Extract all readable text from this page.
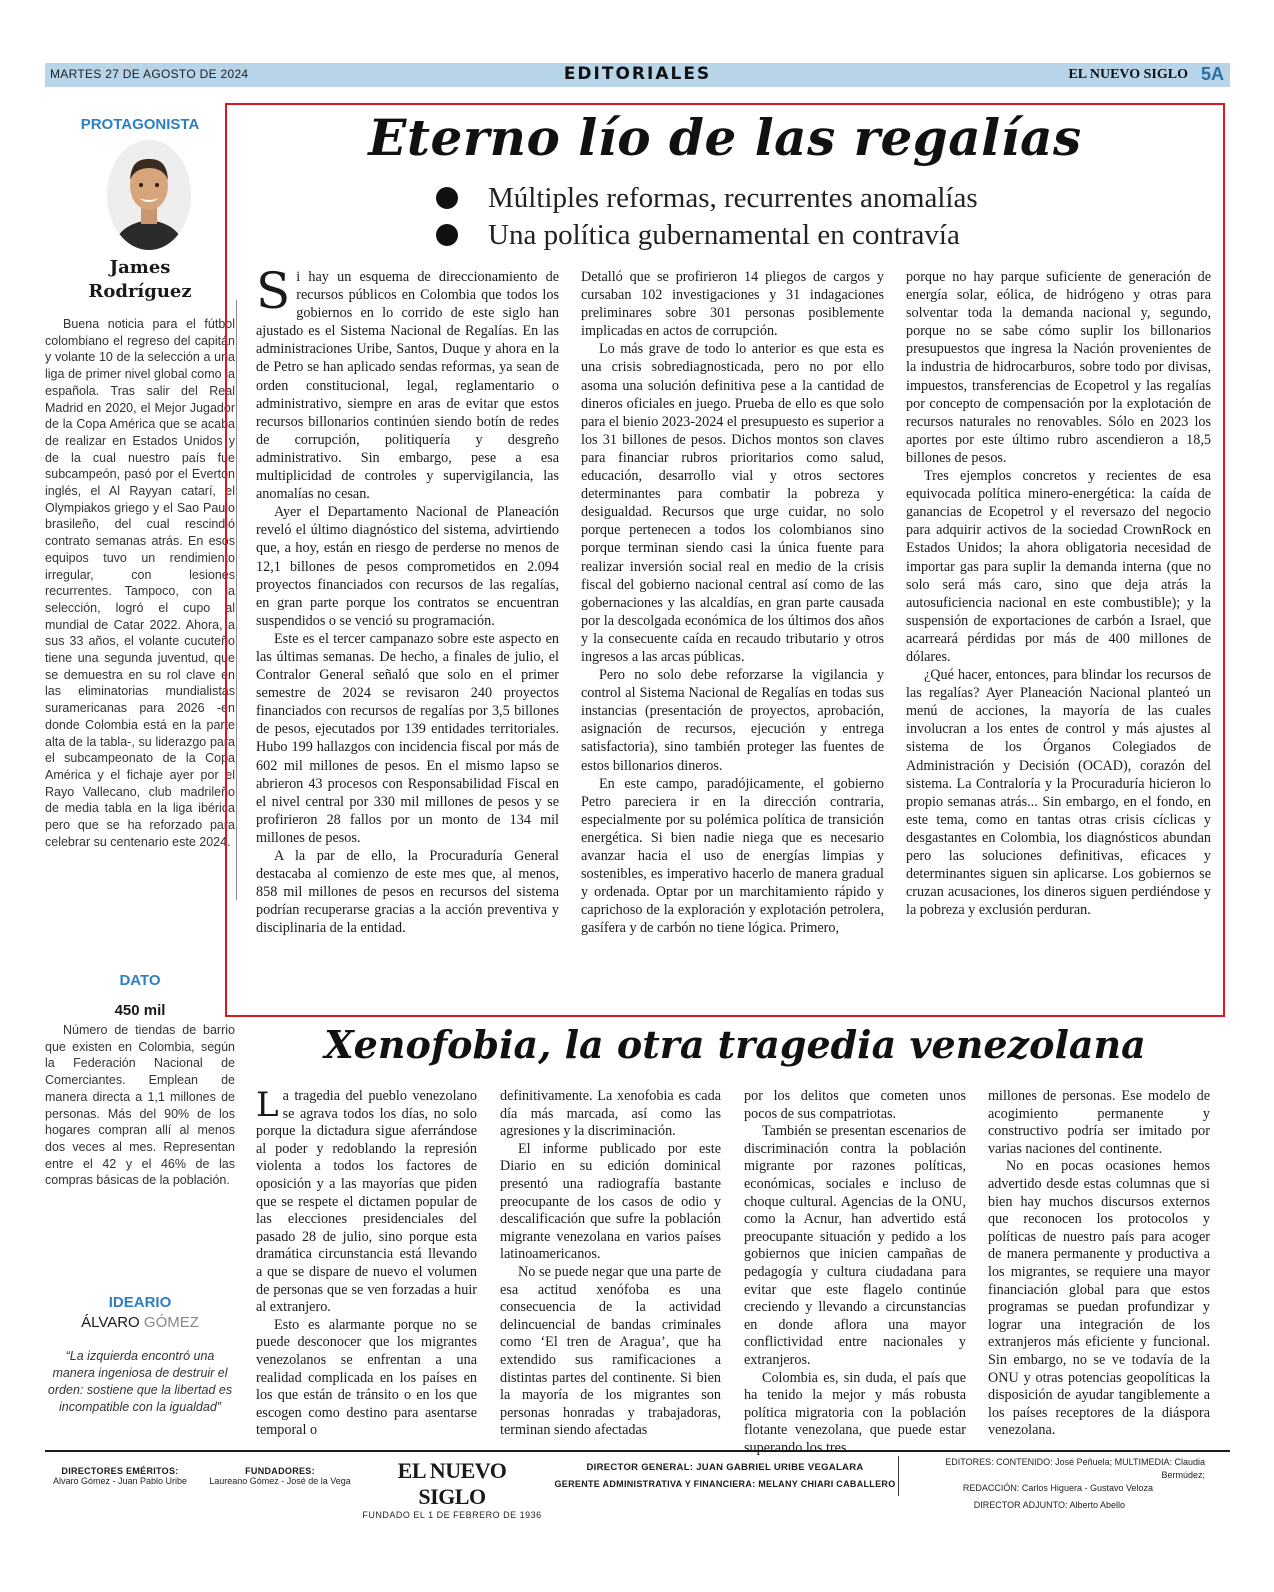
MARTES 27 DE AGOSTO DE 2024	EDITORIALES	EL NUEVO SIGLO 5A
PROTAGONISTA
James
Rodríguez

Buena noticia para el fútbol colombiano el regreso del capitán y volante 10 de la selección a una liga de primer nivel global como la española. Tras salir del Real Madrid en 2020, el Mejor Jugador de la Copa América que se acaba de realizar en Estados Unidos y de la cual nuestro país fue subcampeón, pasó por el Everton inglés, el Al Rayyan catarí, el Olympiakos griego y el Sao Paulo brasileño, del cual rescindió contrato semanas atrás. En esos equipos tuvo un rendimiento irregular, con lesiones recurrentes. Tampoco, con la selección, logró el cupo al mundial de Catar 2022. Ahora, a sus 33 años, el volante cucuteño tiene una segunda juventud, que se demuestra en su rol clave en las eliminatorias mundialistas suramericanas para 2026 -en donde Colombia está en la parte alta de la tabla-, su liderazgo para el subcampeonato de la Copa América y el fichaje ayer por el Rayo Vallecano, club madrileño de media tabla en la liga ibérica pero que se ha reforzado para celebrar su centenario este 2024.

DATO
450 mil

Número de tiendas de barrio que existen en Colombia, según la Federación Nacional de Comerciantes. Emplean de manera directa a 1,1 millones de personas. Más del 90% de los hogares compran allí al menos dos veces al mes. Representan entre el 42 y el 46% de las compras básicas de la población.

IDEARIO
ÁLVARO GÓMEZ
“La izquierda encontró una manera ingeniosa de destruir el orden: sostiene que la libertad es incompatible con la igualdad”
Eterno lío de las regalías
Múltiples reformas, recurrentes anomalías
Una política gubernamental en contravía

Si hay un esquema de direccionamiento de recursos públicos en Colombia que todos los gobiernos en lo corrido de este siglo han ajustado es el Sistema Nacional de Regalías. En las administraciones Uribe, Santos, Duque y ahora en la de Petro se han aplicado sendas reformas, ya sean de orden constitucional, legal, reglamentario o administrativo, siempre en aras de evitar que estos recursos billonarios continúen siendo botín de redes de corrupción, politiquería y desgreño administrativo. Sin embargo, pese a esa multiplicidad de controles y supervigilancia, las anomalías no cesan.

Ayer el Departamento Nacional de Planeación reveló el último diagnóstico del sistema, advirtiendo que, a hoy, están en riesgo de perderse no menos de 12,1 billones de pesos comprometidos en 2.094 proyectos financiados con recursos de las regalías, en gran parte porque los contratos se encuentran suspendidos o se venció su programación.

Este es el tercer campanazo sobre este aspecto en las últimas semanas. De hecho, a finales de julio, el Contralor General señaló que solo en el primer semestre de 2024 se revisaron 240 proyectos financiados con recursos de regalías por 3,5 billones de pesos, ejecutados por 139 entidades territoriales. Hubo 199 hallazgos con incidencia fiscal por más de 602 mil millones de pesos. En el mismo lapso se abrieron 43 procesos con Responsabilidad Fiscal en el nivel central por 330 mil millones de pesos y se profirieron 28 fallos por un monto de 134 mil millones de pesos.

A la par de ello, la Procuraduría General destacaba al comienzo de este mes que, al menos, 858 mil millones de pesos en recursos del sistema podrían recuperarse gracias a la acción preventiva y disciplinaria de la entidad.

Detalló que se profirieron 14 pliegos de cargos y cursaban 102 investigaciones y 31 indagaciones preliminares sobre 301 personas posiblemente implicadas en actos de corrupción.

Lo más grave de todo lo anterior es que esta es una crisis sobrediagnosticada, pero no por ello asoma una solución definitiva pese a la cantidad de dineros oficiales en juego. Prueba de ello es que solo para el bienio 2023-2024 el presupuesto es superior a los 31 billones de pesos. Dichos montos son claves para financiar rubros prioritarios como salud, educación, desarrollo vial y otros sectores determinantes para combatir la pobreza y desigualdad. Recursos que urge cuidar, no solo porque pertenecen a todos los colombianos sino porque terminan siendo casi la única fuente para realizar inversión social real en medio de la crisis fiscal del gobierno nacional central así como de las gobernaciones y las alcaldías, en gran parte causada por la descolgada económica de los últimos dos años y la consecuente caída en recaudo tributario y otros ingresos a las arcas públicas.

Pero no solo debe reforzarse la vigilancia y control al Sistema Nacional de Regalías en todas sus instancias (presentación de proyectos, aprobación, asignación de recursos, ejecución y entrega satisfactoria), sino también proteger las fuentes de estos billonarios dineros.

En este campo, paradójicamente, el gobierno Petro pareciera ir en la dirección contraria, especialmente por su polémica política de transición energética. Si bien nadie niega que es necesario avanzar hacia el uso de energías limpias y sostenibles, es imperativo hacerlo de manera gradual y ordenada. Optar por un marchitamiento rápido y caprichoso de la exploración y explotación petrolera, gasífera y de carbón no tiene lógica. Primero,

porque no hay parque suficiente de generación de energía solar, eólica, de hidrógeno y otras para solventar toda la demanda nacional y, segundo, porque no se sabe cómo suplir los billonarios presupuestos que ingresa la Nación provenientes de la industria de hidrocarburos, sobre todo por divisas, impuestos, transferencias de Ecopetrol y las regalías por concepto de compensación por la explotación de recursos naturales no renovables. Sólo en 2023 los aportes por este último rubro ascendieron a 18,5 billones de pesos.

Tres ejemplos concretos y recientes de esa equivocada política minero-energética: la caída de ganancias de Ecopetrol y el reversazo del negocio para adquirir activos de la sociedad CrownRock en Estados Unidos; la ahora obligatoria necesidad de importar gas para suplir la demanda interna (que no solo será más caro, sino que deja atrás la autosuficiencia nacional en este combustible); y la suspensión de exportaciones de carbón a Israel, que acarreará pérdidas por más de 400 millones de dólares.

¿Qué hacer, entonces, para blindar los recursos de las regalías? Ayer Planeación Nacional planteó un menú de acciones, la mayoría de las cuales involucran a los entes de control y más ajustes al sistema de los Órganos Colegiados de Administración y Decisión (OCAD), corazón del sistema. La Contraloría y la Procuraduría hicieron lo propio semanas atrás... Sin embargo, en el fondo, en este tema, como en tantas otras crisis cíclicas y desgastantes en Colombia, los diagnósticos abundan pero las soluciones definitivas, eficaces y determinantes siguen sin aplicarse. Los gobiernos se cruzan acusaciones, los dineros siguen perdiéndose y la pobreza y exclusión perduran.

Xenofobia, la otra tragedia venezolana

La tragedia del pueblo venezolano se agrava todos los días, no solo porque la dictadura sigue aferrándose al poder y redoblando la represión violenta a todos los factores de oposición y a las mayorías que piden que se respete el dictamen popular de las elecciones presidenciales del pasado 28 de julio, sino porque esta dramática circunstancia está llevando a que se dispare de nuevo el volumen de personas que se ven forzadas a huir al extranjero.

Esto es alarmante porque no se puede desconocer que los migrantes venezolanos se enfrentan a una realidad complicada en los países en los que están de tránsito o en los que escogen como destino para asentarse temporal o

definitivamente. La xenofobia es cada día más marcada, así como las agresiones y la discriminación.

El informe publicado por este Diario en su edición dominical presentó una radiografía bastante preocupante de los casos de odio y descalificación que sufre la población migrante venezolana en varios países latinoamericanos.

No se puede negar que una parte de esa actitud xenófoba es una consecuencia de la actividad delincuencial de bandas criminales como ‘El tren de Aragua’, que ha extendido sus ramificaciones a distintas partes del continente. Si bien la mayoría de los migrantes son personas honradas y trabajadoras, terminan siendo afectadas

por los delitos que cometen unos pocos de sus compatriotas.

También se presentan escenarios de discriminación contra la población migrante por razones políticas, económicas, sociales e incluso de choque cultural. Agencias de la ONU, como la Acnur, han advertido está preocupante situación y pedido a los gobiernos que inicien campañas de pedagogía y cultura ciudadana para evitar que este flagelo continúe creciendo y llevando a circunstancias en donde aflora una mayor conflictividad entre nacionales y extranjeros.

Colombia es, sin duda, el país que ha tenido la mejor y más robusta política migratoria con la población flotante venezolana, que puede estar superando los tres

millones de personas. Ese modelo de acogimiento permanente y constructivo podría ser imitado por varias naciones del continente.

No en pocas ocasiones hemos advertido desde estas columnas que si bien hay muchos discursos externos que reconocen los protocolos y políticas de nuestro país para acoger de manera permanente y productiva a los migrantes, se requiere una mayor financiación global para que estos programas se puedan profundizar y lograr una integración de los extranjeros más eficiente y funcional. Sin embargo, no se ve todavía de la ONU y otras potencias geopolíticas la disposición de ayudar tangiblemente a los países receptores de la diáspora venezolana.

DIRECTORES EMÉRITOS:
Alvaro Gómez - Juan Pablo Uribe
FUNDADORES:
Laureano Gómez - José de la Vega	EL NUEVO SIGLO
FUNDADO EL 1 DE FEBRERO DE 1936
DIRECTOR GENERAL: JUAN GABRIEL URIBE VEGALARA
GERENTE ADMINISTRATIVA Y FINANCIERA: MELANY CHIARI CABALLERO
EDITORES: CONTENIDO: José Peñuela; MULTIMEDIA: Claudia Bermúdez;
REDACCIÓN: Carlos Higuera - Gustavo Veloza
DIRECTOR ADJUNTO: Alberto Abello
